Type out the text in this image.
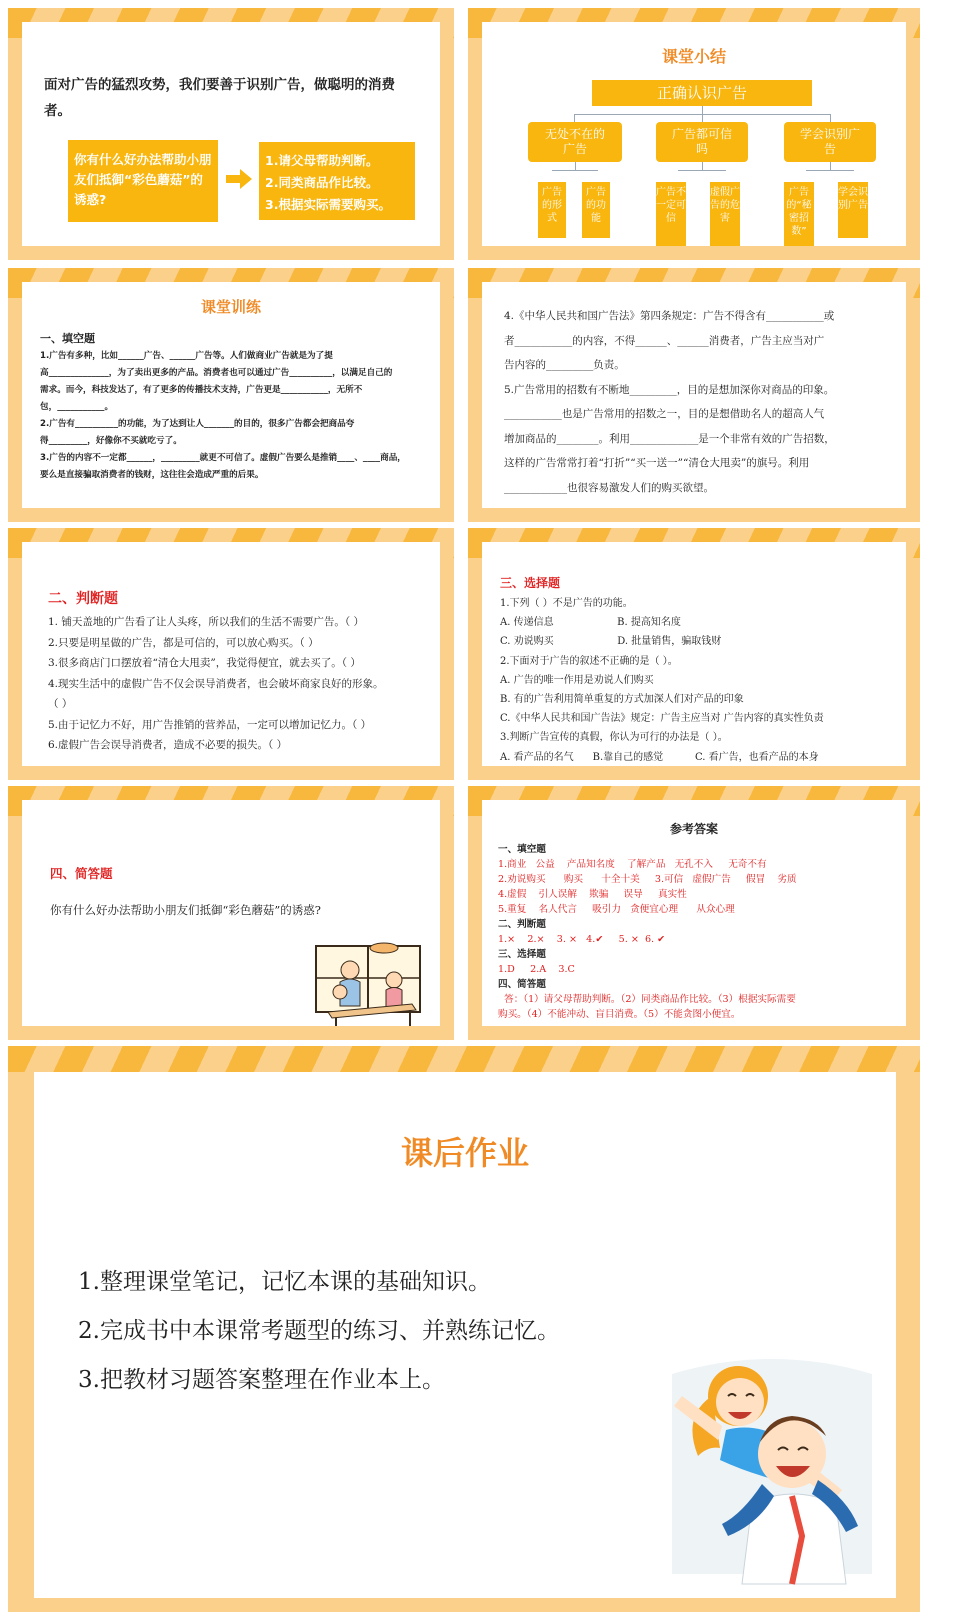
面对广告的猛烈攻势，我们要善于识别广告，做聪明的消费者。
你有什么好办法帮助小朋友们抵御“彩色蘑菇”的诱惑?
1.请父母帮助判断。
2.同类商品作比较。
3.根据实际需要购买。
课堂小结
正确认识广告
无处不在的广告
广告都可信吗
学会识别广告
广告的形式
广告的功能
广告不一定可信
虚假广告的危害
广告的“秘密招数”
学会识别广告
课堂训练
一、填空题
1.广告有多种，比如______广告、______广告等。人们做商业广告就是为了提
高______________，为了卖出更多的产品。消费者也可以通过广告__________，以满足自己的
需求。而今，科技发达了，有了更多的传播技术支持，广告更是___________，无所不
包，___________。
2.广告有__________的功能，为了达到让人_______的目的，很多广告都会把商品夸
得_________，好像你不买就吃亏了。
3.广告的内容不一定都______，_________就更不可信了。虚假广告要么是推销____、____商品，
要么是直接骗取消费者的钱财，这往往会造成严重的后果。
4.《中华人民共和国广告法》第四条规定：广告不得含有___________或
者___________的内容，不得______、______消费者，广告主应当对广
告内容的_________负责。
5.广告常用的招数有不断地_________，目的是想加深你对商品的印象。
___________也是广告常用的招数之一，目的是想借助名人的超高人气
增加商品的________。利用_____________是一个非常有效的广告招数，
这样的广告常常打着“打折”“买一送一”“清仓大甩卖”的旗号。利用
____________也很容易激发人们的购买欲望。
二、判断题
1. 铺天盖地的广告看了让人头疼，所以我们的生活不需要广告。（ ）
2.只要是明星做的广告，都是可信的，可以放心购买。（ ）
3.很多商店门口摆放着“清仓大甩卖”，我觉得便宜，就去买了。（ ）
4.现实生活中的虚假广告不仅会误导消费者，也会破坏商家良好的形象。
（ ）
5.由于记忆力不好，用广告推销的营养品，一定可以增加记忆力。（ ）
6.虚假广告会误导消费者，造成不必要的损失。（ ）
三、选择题
1.下列（ ）不是广告的功能。
A. 传递信息                    B. 提高知名度
C. 劝说购买                    D. 批量销售，骗取钱财
2.下面对于广告的叙述不正确的是（ ）。
A. 广告的唯一作用是劝说人们购买
B. 有的广告利用简单重复的方式加深人们对产品的印象
C.《中华人民共和国广告法》规定：广告主应当对 广告内容的真实性负责
3.判断广告宣传的真假，你认为可行的办法是（ ）。
A. 看产品的名气      B.靠自己的感觉          C. 看广告，也看产品的本身
四、简答题
你有什么好办法帮助小朋友们抵御“彩色蘑菇”的诱惑?
参考答案
一、填空题
1.商业   公益    产品知名度    了解产品   无孔不入     无奇不有
2.劝说购买      购买      十全十美     3.可信   虚假广告     假冒    劣质
4.虚假    引人误解    欺骗     误导     真实性
5.重复    名人代言     吸引力   贪便宜心理      从众心理
二、判断题
1.×    2.×    3. ×   4.✔     5. ×  6. ✔
三、选择题
1.D     2.A    3.C
四、简答题
答：（1）请父母帮助判断。（2）同类商品作比较。（3）根据实际需要
购买。（4）不能冲动、盲目消费。（5）不能贪图小便宜。
课后作业
1.整理课堂笔记，记忆本课的基础知识。
2.完成书中本课常考题型的练习、并熟练记忆。
3.把教材习题答案整理在作业本上。
